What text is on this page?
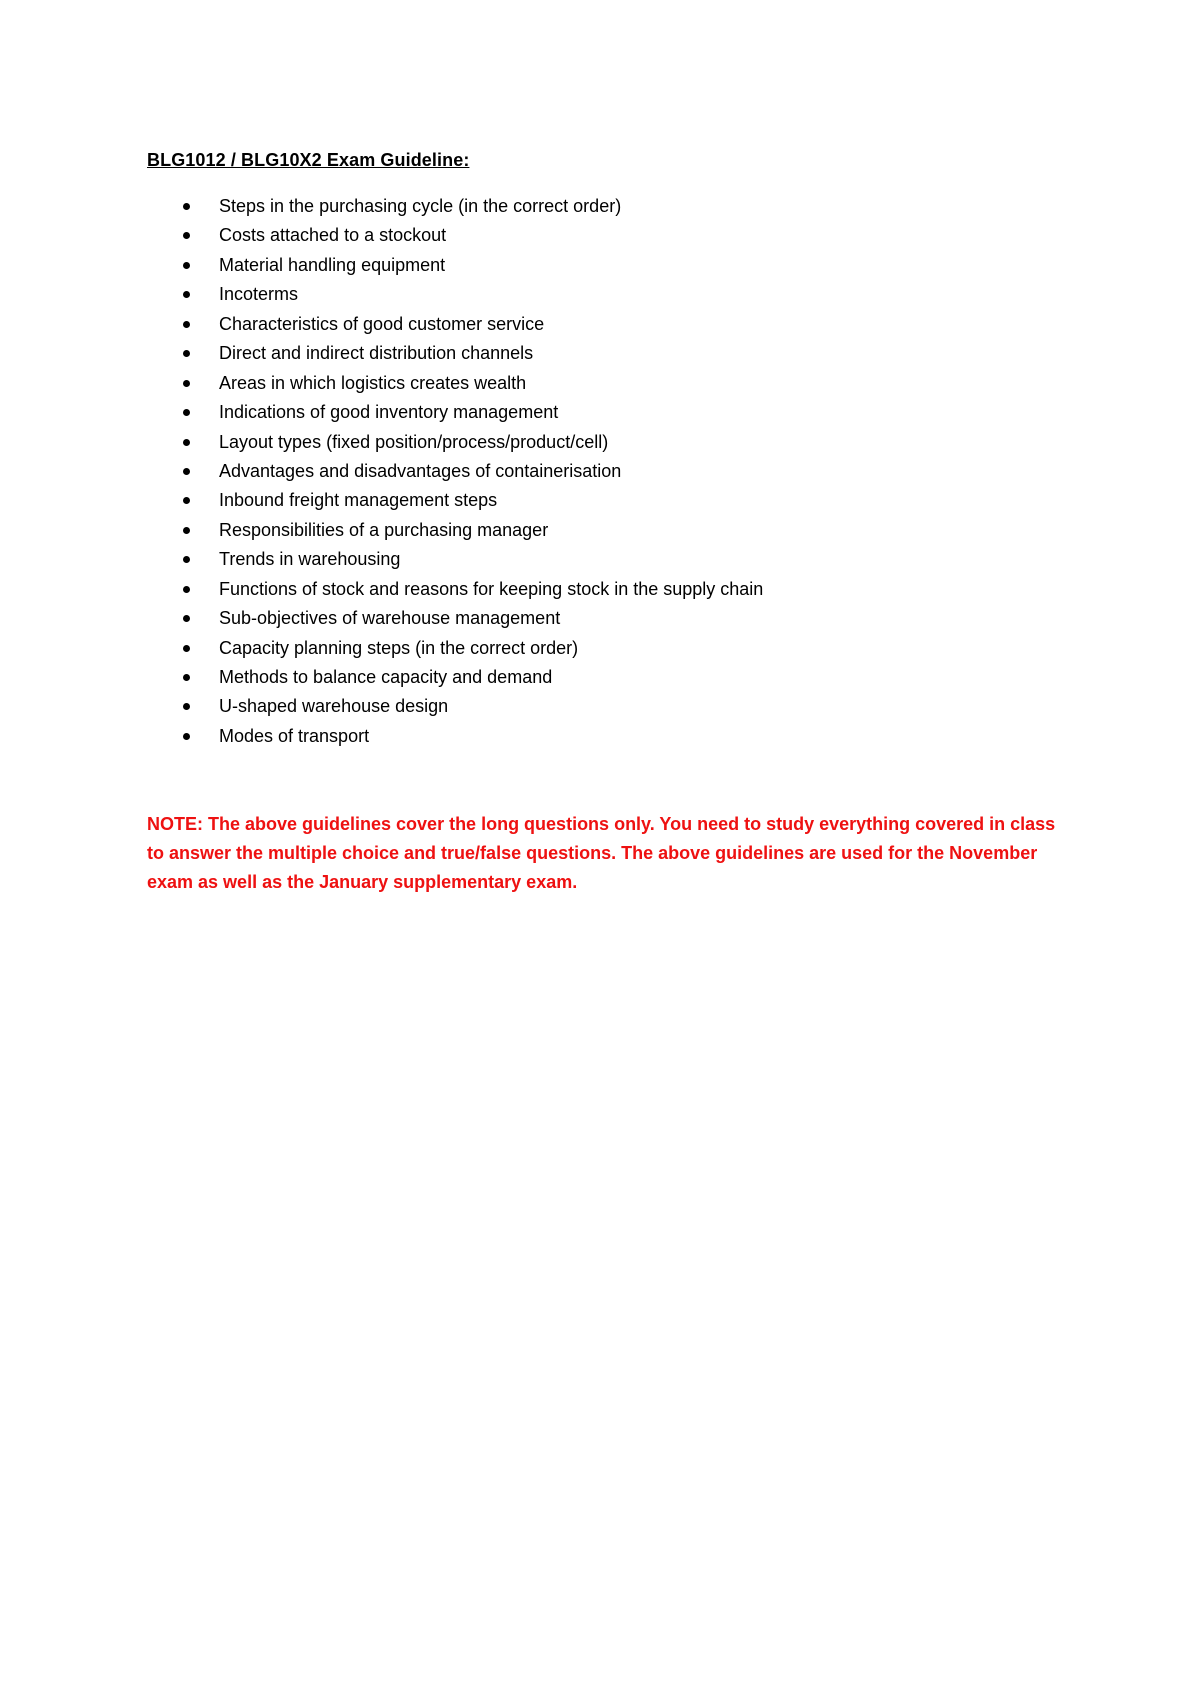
BLG1012 / BLG10X2 Exam Guideline:
Steps in the purchasing cycle (in the correct order)
Costs attached to a stockout
Material handling equipment
Incoterms
Characteristics of good customer service
Direct and indirect distribution channels
Areas in which logistics creates wealth
Indications of good inventory management
Layout types (fixed position/process/product/cell)
Advantages and disadvantages of containerisation
Inbound freight management steps
Responsibilities of a purchasing manager
Trends in warehousing
Functions of stock and reasons for keeping stock in the supply chain
Sub-objectives of warehouse management
Capacity planning steps (in the correct order)
Methods to balance capacity and demand
U-shaped warehouse design
Modes of transport

NOTE: The above guidelines cover the long questions only. You need to study everything covered in class to answer the multiple choice and true/false questions. The above guidelines are used for the November exam as well as the January supplementary exam.
